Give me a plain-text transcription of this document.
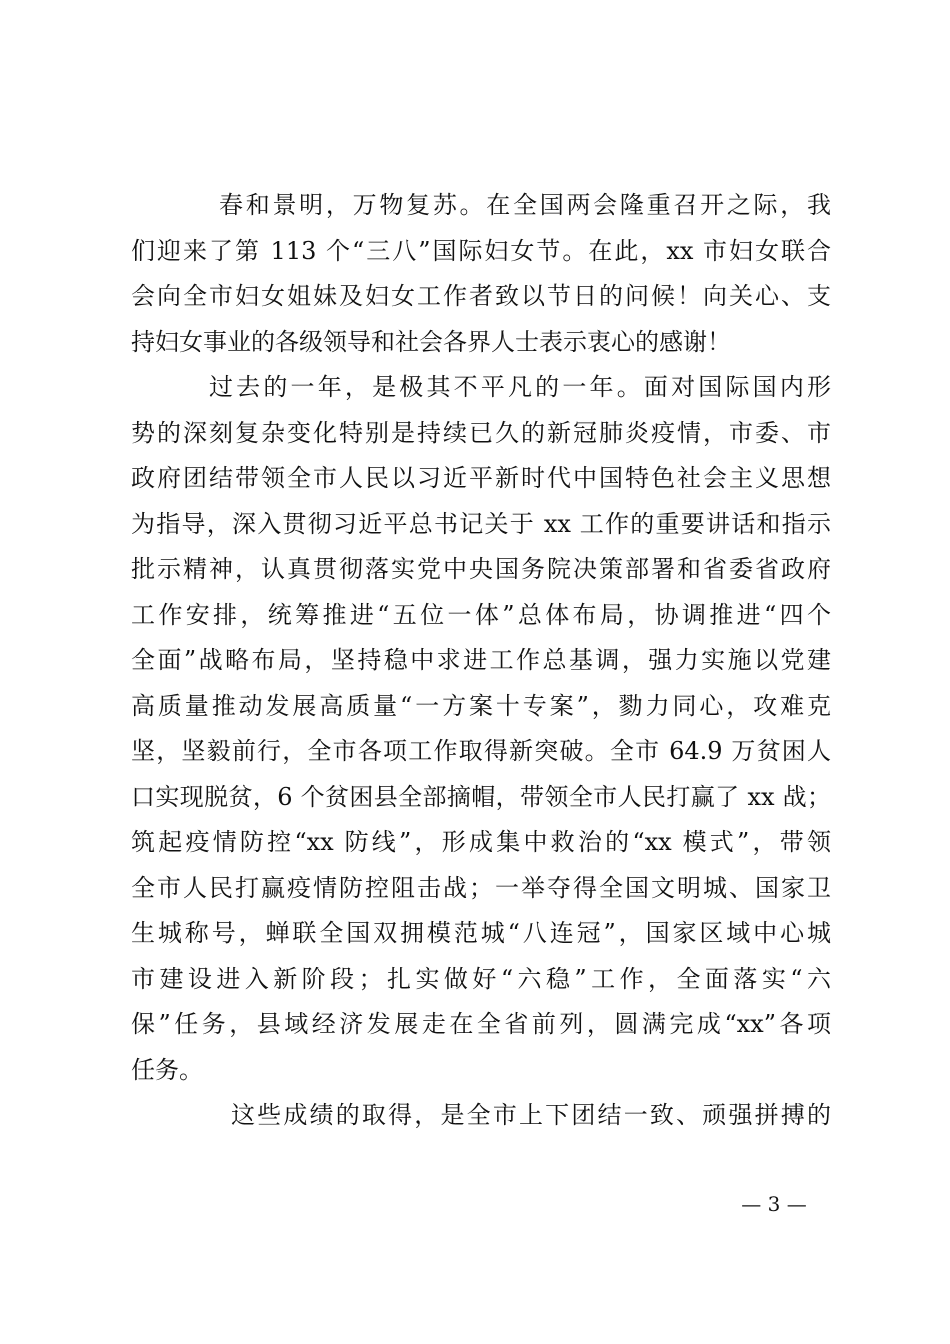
春和景明，万物复苏。在全国两会隆重召开之际，我
们迎来了第 113 个“三八”国际妇女节。在此，xx 市妇女联合
会向全市妇女姐妹及妇女工作者致以节日的问候！向关心、支
持妇女事业的各级领导和社会各界人士表示衷心的感谢！
过去的一年，是极其不平凡的一年。面对国际国内形
势的深刻复杂变化特别是持续已久的新冠肺炎疫情，市委、市
政府团结带领全市人民以习近平新时代中国特色社会主义思想
为指导，深入贯彻习近平总书记关于 xx 工作的重要讲话和指示
批示精神，认真贯彻落实党中央国务院决策部署和省委省政府
工作安排，统筹推进“五位一体”总体布局，协调推进“四个
全面”战略布局，坚持稳中求进工作总基调，强力实施以党建
高质量推动发展高质量“一方案十专案”，勠力同心，攻难克
坚，坚毅前行，全市各项工作取得新突破。全市 64.9 万贫困人
口实现脱贫，6 个贫困县全部摘帽，带领全市人民打赢了 xx 战；
筑起疫情防控“xx 防线”，形成集中救治的“xx 模式”，带领
全市人民打赢疫情防控阻击战；一举夺得全国文明城、国家卫
生城称号，蝉联全国双拥模范城“八连冠”，国家区域中心城
市建设进入新阶段；扎实做好“六稳”工作，全面落实“六
保”任务，县域经济发展走在全省前列，圆满完成“xx”各项
任务。
这些成绩的取得，是全市上下团结一致、顽强拼搏的
— 3 —
